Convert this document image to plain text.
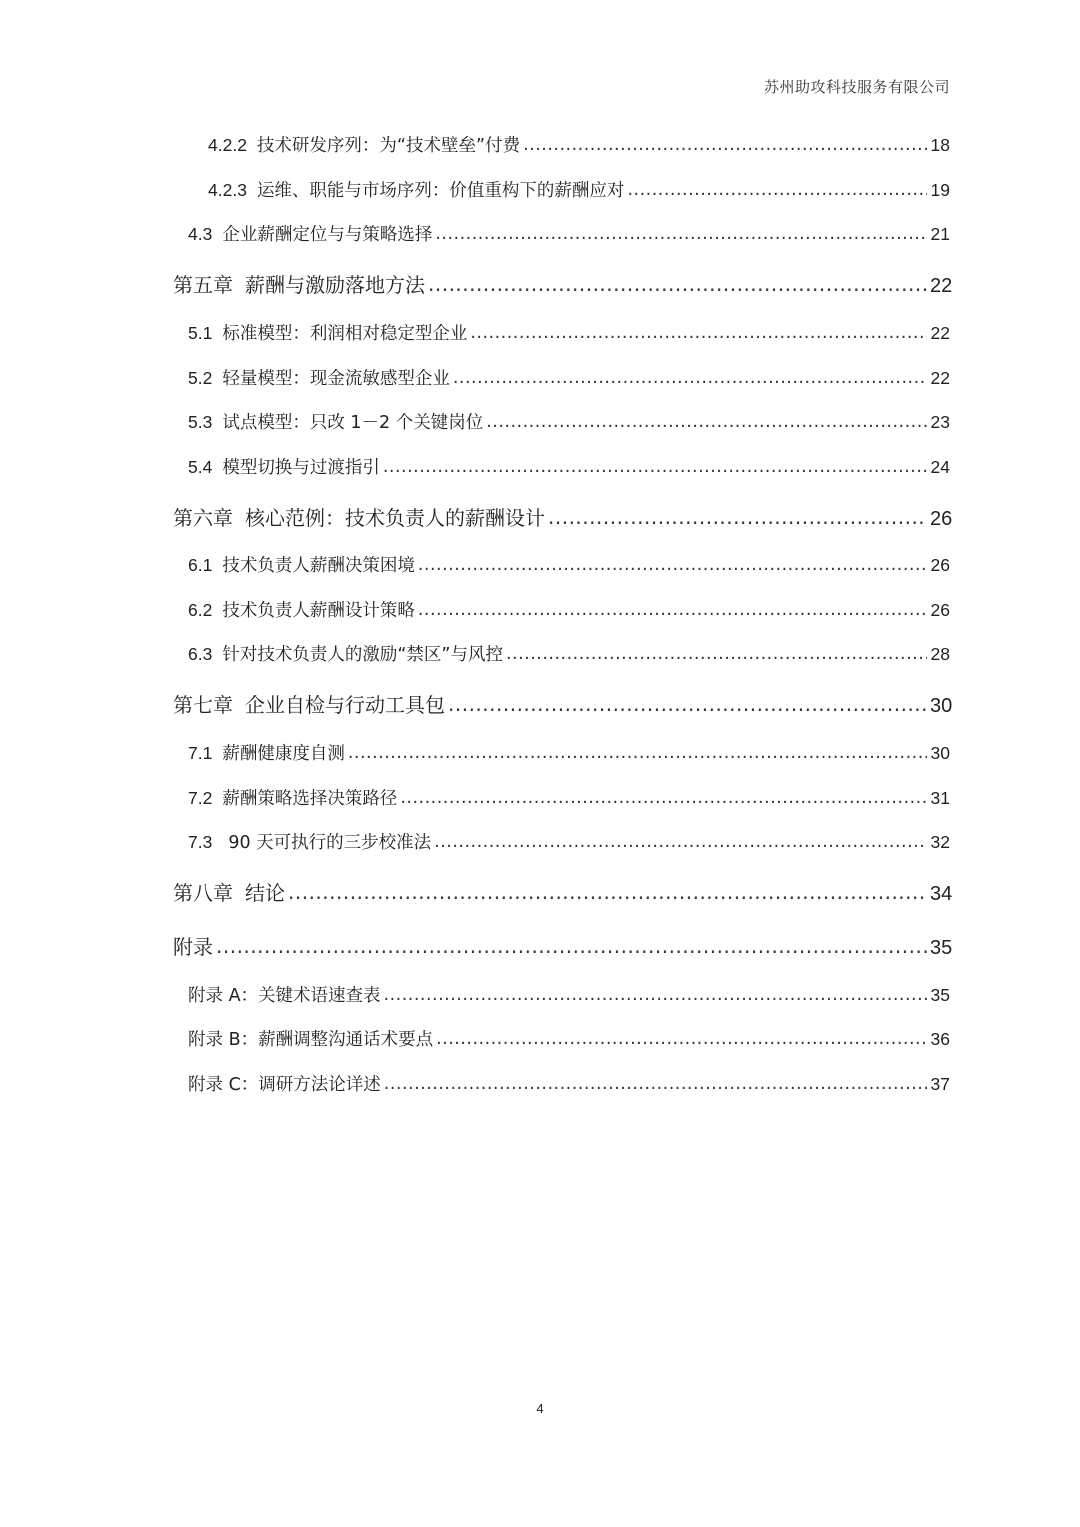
苏州助攻科技服务有限公司
4.2.2 技术研发序列：为“技术壁垒”付费 .....	18
4.2.3 运维、职能与市场序列：价值重构下的薪酬应对 .....	19
4.3 企业薪酬定位与与策略选择 .....	21
第五章 薪酬与激励落地方法 .....	22
5.1 标准模型：利润相对稳定型企业 .....	22
5.2 轻量模型：现金流敏感型企业 .....	22
5.3 试点模型：只改 1－2 个关键岗位 .....	23
5.4 模型切换与过渡指引 .....	24
第六章 核心范例：技术负责人的薪酬设计 .....	26
6.1 技术负责人薪酬决策困境 .....	26
6.2 技术负责人薪酬设计策略 .....	26
6.3 针对技术负责人的激励“禁区”与风控 .....	28
第七章 企业自检与行动工具包 .....	30
7.1 薪酬健康度自测 .....	30
7.2 薪酬策略选择决策路径 .....	31
7.3 90 天可执行的三步校准法 .....	32
第八章 结论 .....	34
附录 .....	35
附录 A：关键术语速查表 .....	35
附录 B：薪酬调整沟通话术要点 .....	36
附录 C：调研方法论详述 .....	37
4
